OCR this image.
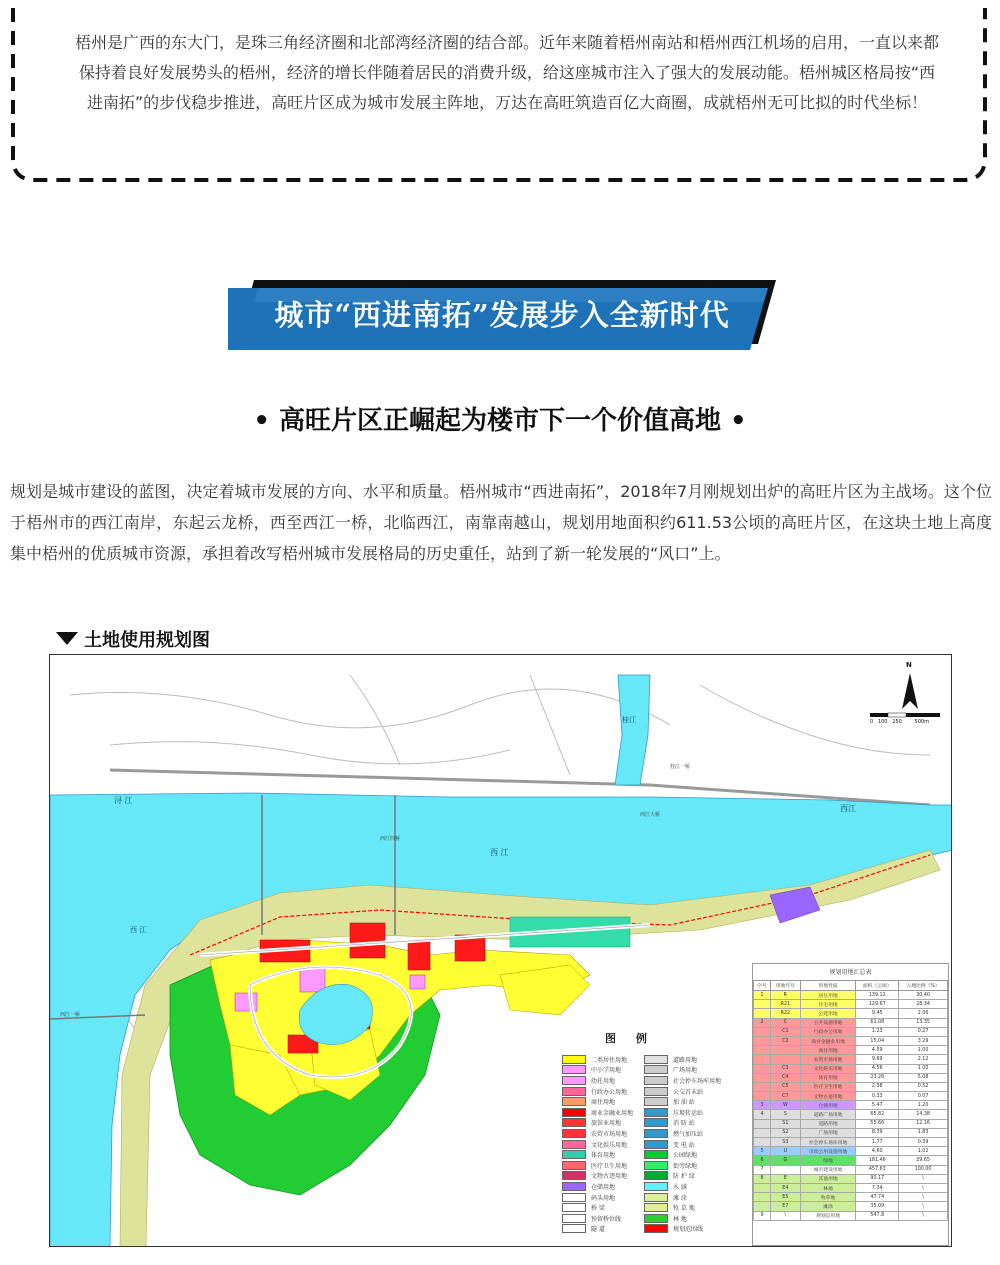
梧州是广西的东大门，是珠三角经济圈和北部湾经济圈的结合部。近年来随着梧州南站和梧州西江机场的启用，一直以来都保持着良好发展势头的梧州，经济的增长伴随着居民的消费升级，给这座城市注入了强大的发展动能。梧州城区格局按“西进南拓”的步伐稳步推进，高旺片区成为城市发展主阵地，万达在高旺筑造百亿大商圈，成就梧州无可比拟的时代坐标！
城市“西进南拓”发展步入全新时代
• 高旺片区正崛起为楼市下一个价值高地 •
规划是城市建设的蓝图，决定着城市发展的方向、水平和质量。梧州城市“西进南拓”，2018年7月刚规划出炉的高旺片区为主战场。这个位于梧州市的西江南岸，东起云龙桥，西至西江一桥，北临西江，南靠南越山，规划用地面积约611.53公顷的高旺片区，在这块土地上高度集中梧州的优质城市资源，承担着改写梧州城市发展格局的历史重任，站到了新一轮发展的“风口”上。
土地使用规划图
浔 江
西 江
西江
桂江
西 江
西江四桥
西江大桥
桂江一桥
西江一桥
N
0   100   250        500m
图 例
二类居住用地
中小学用地
幼托用地
行政办公用地
商住用地
商业金融业用地
旅馆业用地
农贸市场用地
文化娱乐用地
体育用地
医疗卫生用地
文物古迹用地
仓储用地
码头用地
桥 梁
预留桥位线
隧 道
道路用地
广场用地
社会停车场库用地
公交首末站
加 油 站
垃圾转运站
消 防 站
燃气加压站
变 电 站
公园绿地
街旁绿地
防 护 绿
水 域
滩 涂
牧 草 地
林 地
规划范围线
规划用地汇总表
序号	用地代号	用地性质	面积（公顷）	占地比例（%）
1	R	居住用地	139.12	30.40
	R21	住宅用地	129.67	28.34
	R22	公建用地	9.45	2.06
2	C	公共设施用地	61.08	13.35
	C1	行政办公用地	1.23	0.27
	C2	商业金融业用地	15.04	3.29
		商住用地	4.59	1.00
		农贸市场用地	9.69	2.12
	C3	文化娱乐用地	4.56	1.00
	C4	体育用地	23.26	5.08
	C5	医疗卫生用地	2.38	0.52
	C7	文物古迹用地	0.33	0.07
3	W	仓储用地	5.47	1.20
4	S	道路广场用地	65.82	14.38
	S1	道路用地	55.66	12.16
	S2	广场用地	8.39	1.83
	S3	社会停车场库用地	1.77	0.39
5	U	市政公用设施用地	4.60	1.02
6	G	绿地	181.46	39.65
7		城市建设用地	457.63	100.00
8	E	其他用地	90.17	\
	E4	林地	7.34	\
	E5	牧草地	47.74	\
	E7	滩涂	35.09	\
9	\	规划总用地	547.8	\
